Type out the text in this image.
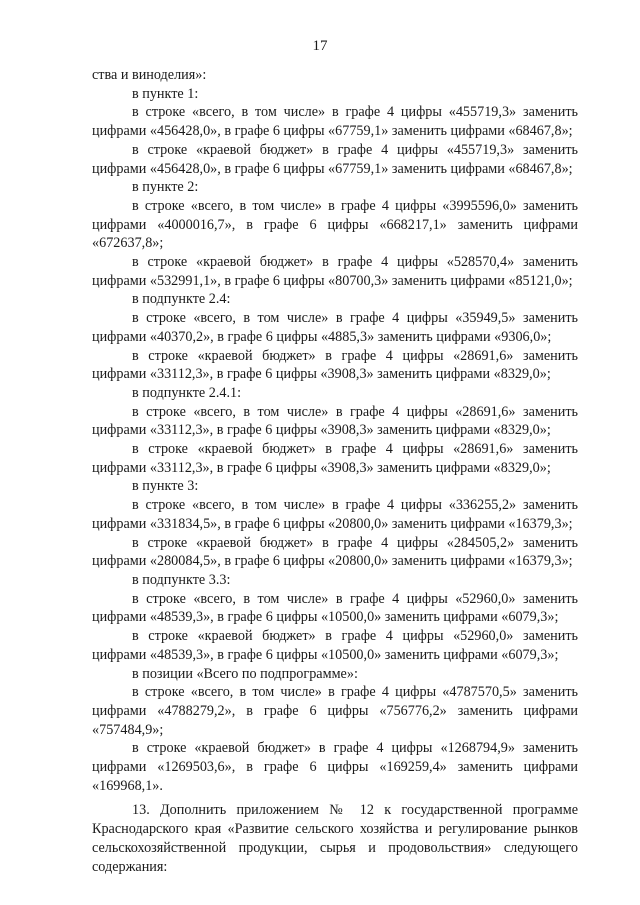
17

ства и виноделия»:

в пункте 1:

в строке «всего, в том числе» в графе 4 цифры «455719,3» заменить цифрами «456428,0», в графе 6 цифры «67759,1» заменить цифрами «68467,8»;

в строке «краевой бюджет» в графе 4 цифры «455719,3» заменить цифрами «456428,0», в графе 6 цифры «67759,1» заменить цифрами «68467,8»;

в пункте 2:

в строке «всего, в том числе» в графе 4 цифры «3995596,0» заменить цифрами «4000016,7», в графе 6 цифры «668217,1» заменить цифрами «672637,8»;

в строке «краевой бюджет» в графе 4 цифры «528570,4» заменить цифрами «532991,1», в графе 6 цифры «80700,3» заменить цифрами «85121,0»;

в подпункте 2.4:

в строке «всего, в том числе» в графе 4 цифры «35949,5» заменить цифрами «40370,2», в графе 6 цифры «4885,3» заменить цифрами «9306,0»;

в строке «краевой бюджет» в графе 4 цифры «28691,6» заменить цифрами «33112,3», в графе 6 цифры «3908,3» заменить цифрами «8329,0»;

в подпункте 2.4.1:

в строке «всего, в том числе» в графе 4 цифры «28691,6» заменить цифрами «33112,3», в графе 6 цифры «3908,3» заменить цифрами «8329,0»;

в строке «краевой бюджет» в графе 4 цифры «28691,6» заменить цифрами «33112,3», в графе 6 цифры «3908,3» заменить цифрами «8329,0»;

в пункте 3:

в строке «всего, в том числе» в графе 4 цифры «336255,2» заменить цифрами «331834,5», в графе 6 цифры «20800,0» заменить цифрами «16379,3»;

в строке «краевой бюджет» в графе 4 цифры «284505,2» заменить цифрами «280084,5», в графе 6 цифры «20800,0» заменить цифрами «16379,3»;

в подпункте 3.3:

в строке «всего, в том числе» в графе 4 цифры «52960,0» заменить цифрами «48539,3», в графе 6 цифры «10500,0» заменить цифрами «6079,3»;

в строке «краевой бюджет» в графе 4 цифры «52960,0» заменить цифрами «48539,3», в графе 6 цифры «10500,0» заменить цифрами «6079,3»;

в позиции «Всего по подпрограмме»:

в строке «всего, в том числе» в графе 4 цифры «4787570,5» заменить цифрами «4788279,2», в графе 6 цифры «756776,2» заменить цифрами «757484,9»;

в строке «краевой бюджет» в графе 4 цифры «1268794,9» заменить цифрами «1269503,6», в графе 6 цифры «169259,4» заменить цифрами «169968,1».

13. Дополнить приложением № 12 к государственной программе Краснодарского края «Развитие сельского хозяйства и регулирование рынков сельскохозяйственной продукции, сырья и продовольствия» следующего содержания:
